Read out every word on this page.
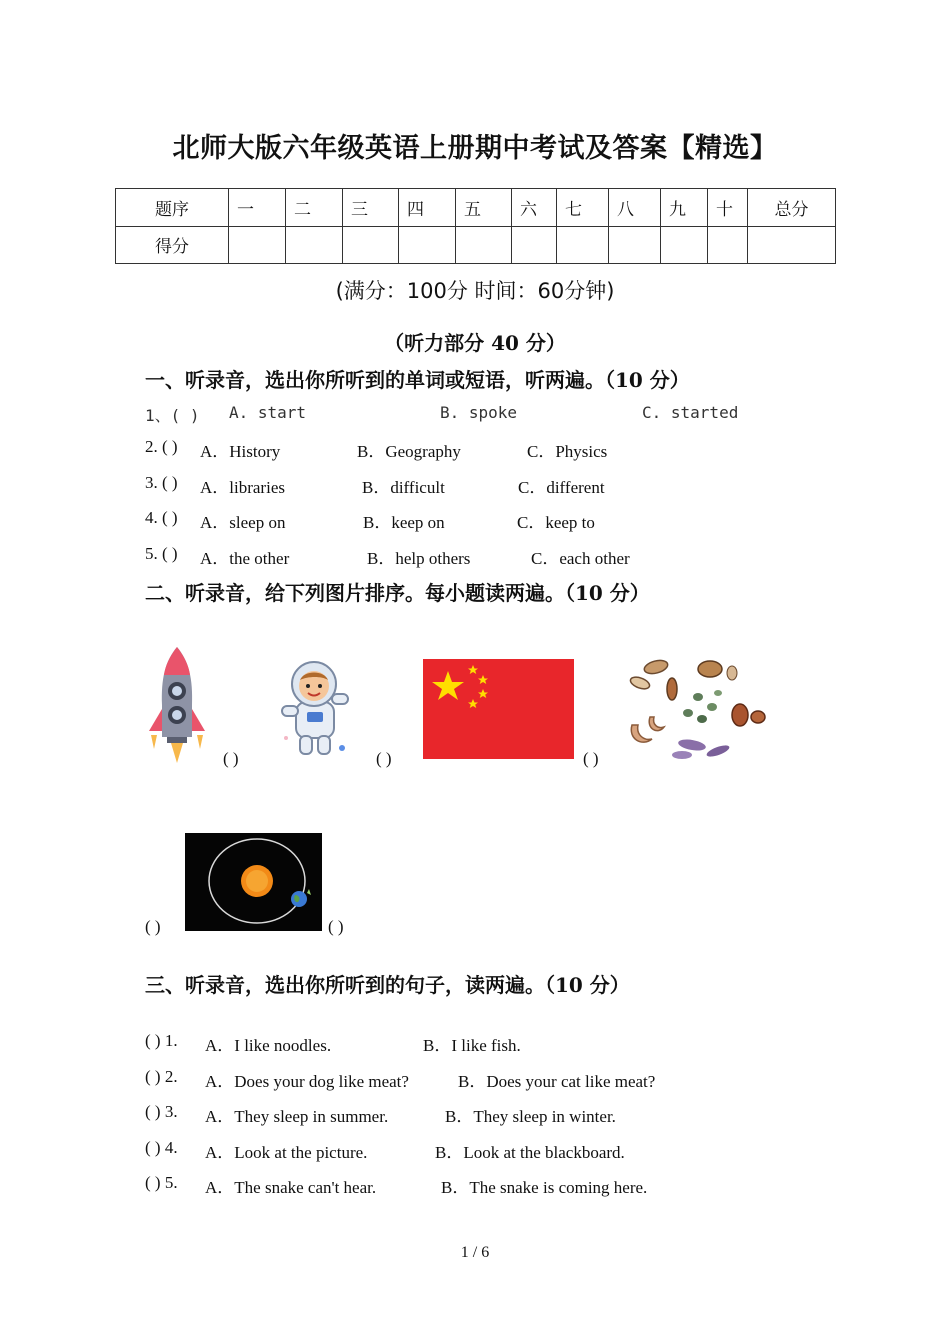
北师大版六年级英语上册期中考试及答案【精选】
题序	一	二	三	四	五	六	七	八	九	十	总分
得分											
(满分：100分 时间：60分钟)
（听力部分 40 分）
一、听录音，选出你所听到的单词或短语，听两遍。（10 分）
1、( ) A. start	B. spoke	C. started
2. ( ) A．History	B．Geography	C．Physics
3. ( ) A．libraries	B．difficult	C．different
4. ( ) A．sleep on	B．keep on	C．keep to
5. ( ) A．the other	B．help others	C．each other
二、听录音，给下列图片排序。每小题读两遍。（10 分）
( )	( )	( )
( )	( )
三、听录音，选出你所听到的句子，读两遍。（10 分）
( ) 1. A．I like noodles.	B．I like fish.
( ) 2. A．Does your dog like meat?	B．Does your cat like meat?
( ) 3. A．They sleep in summer.	B．They sleep in winter.
( ) 4. A．Look at the picture.	B．Look at the blackboard.
( ) 5. A．The snake can't hear.	B．The snake is coming here.
1 / 6
